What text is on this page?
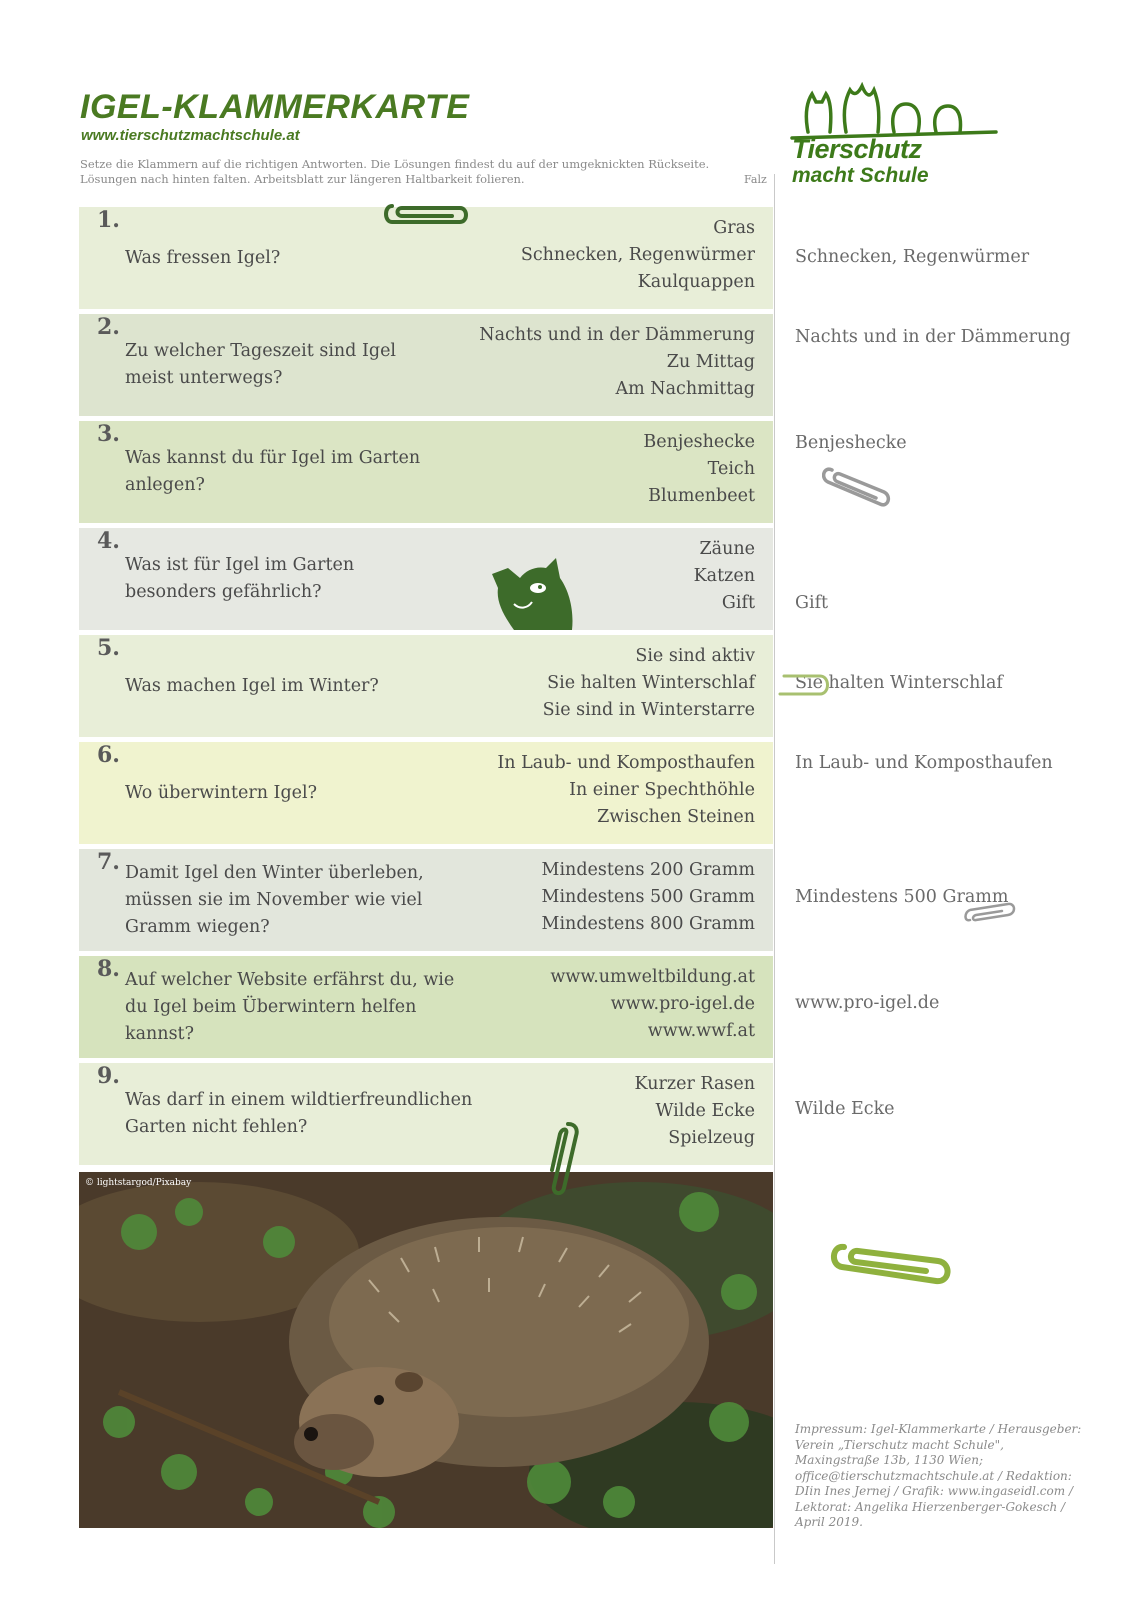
IGEL-KLAMMERKARTE
www.tierschutzmachtschule.at
Setze die Klammern auf die richtigen Antworten. Die Lösungen findest du auf der umgeknickten Rückseite. Lösungen nach hinten falten. Arbeitsblatt zur längeren Haltbarkeit folieren.	Falz
Tierschutz
macht Schule
1.
Was fressen Igel?
Gras
Schnecken, Regenwürmer
Kaulquappen
2.
Zu welcher Tageszeit sind Igel meist unterwegs?
Nachts und in der Dämmerung
Zu Mittag
Am Nachmittag
3.
Was kannst du für Igel im Garten anlegen?
Benjeshecke
Teich
Blumenbeet
4.
Was ist für Igel im Garten besonders gefährlich?
Zäune
Katzen
Gift
5.
Was machen Igel im Winter?
Sie sind aktiv
Sie halten Winterschlaf
Sie sind in Winterstarre
6.
Wo überwintern Igel?
In Laub- und Komposthaufen
In einer Spechthöhle
Zwischen Steinen
7. Damit Igel den Winter überleben, müssen sie im November wie viel Gramm wiegen?
Mindestens 200 Gramm
Mindestens 500 Gramm
Mindestens 800 Gramm
8. Auf welcher Website erfährst du, wie du Igel beim Überwintern helfen kannst?
www.umweltbildung.at
www.pro-igel.de
www.wwf.at
9.
Was darf in einem wildtierfreundlichen Garten nicht fehlen?
Kurzer Rasen
Wilde Ecke
Spielzeug
Schnecken, Regenwürmer
Nachts und in der Dämmerung
Benjeshecke
Gift
Sie halten Winterschlaf
In Laub- und Komposthaufen
Mindestens 500 Gramm
www.pro-igel.de
Wilde Ecke
© lightstargod/Pixabay
Impressum: Igel-Klammerkarte / Herausgeber: Verein „Tierschutz macht Schule", Maxingstraße 13b, 1130 Wien; office@tierschutzmachtschule.at / Redaktion: DIin Ines Jernej / Grafik: www.ingaseidl.com / Lektorat: Angelika Hierzenberger-Gokesch / April 2019.
